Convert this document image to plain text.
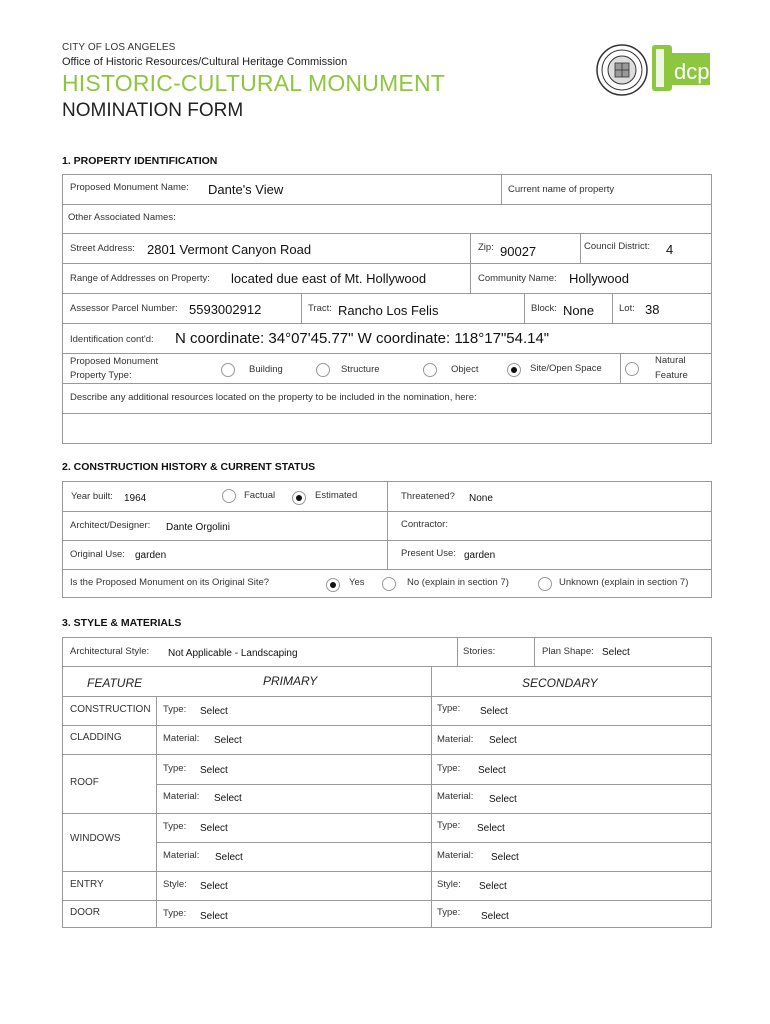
CITY OF LOS ANGELES
Office of Historic Resources/Cultural Heritage Commission
HISTORIC-CULTURAL MONUMENT
NOMINATION FORM
dcp
1. PROPERTY IDENTIFICATION
Proposed Monument Name: Dante's View	Current name of property
Other Associated Names:
Street Address: 2801 Vermont Canyon Road	Zip: 90027	Council District: 4
Range of Addresses on Property: located due east of Mt. Hollywood	Community Name: Hollywood
Assessor Parcel Number: 5593002912	Tract: Rancho Los Felis	Block: None	Lot: 38
Identification cont'd: N coordinate: 34°07'45.77" W coordinate: 118°17"54.14"
Proposed Monument
Property Type:
Building	Structure	Object	Site/Open Space
Natural
Feature
Describe any additional resources located on the property to be included in the nomination, here:
2. CONSTRUCTION HISTORY & CURRENT STATUS
Year built: 1964	Factual	Estimated	Threatened? None
Architect/Designer: Dante Orgolini	Contractor:
Original Use: garden	Present Use: garden
Is the Proposed Monument on its Original Site?	Yes	No (explain in section 7)	Unknown (explain in section 7)
3. STYLE & MATERIALS
Architectural Style: Not Applicable - Landscaping	Stories:	Plan Shape: Select
FEATURE	PRIMARY	SECONDARY
CONSTRUCTION Type: Select	Type: Select
CLADDING	Material: Select	Material: Select
ROOF
Type: Select	Type: Select
Material: Select	Material: Select
WINDOWS
Type: Select	Type: Select
Material: Select	Material: Select
ENTRY	Style: Select	Style: Select
DOOR	Type: Select	Type: Select
